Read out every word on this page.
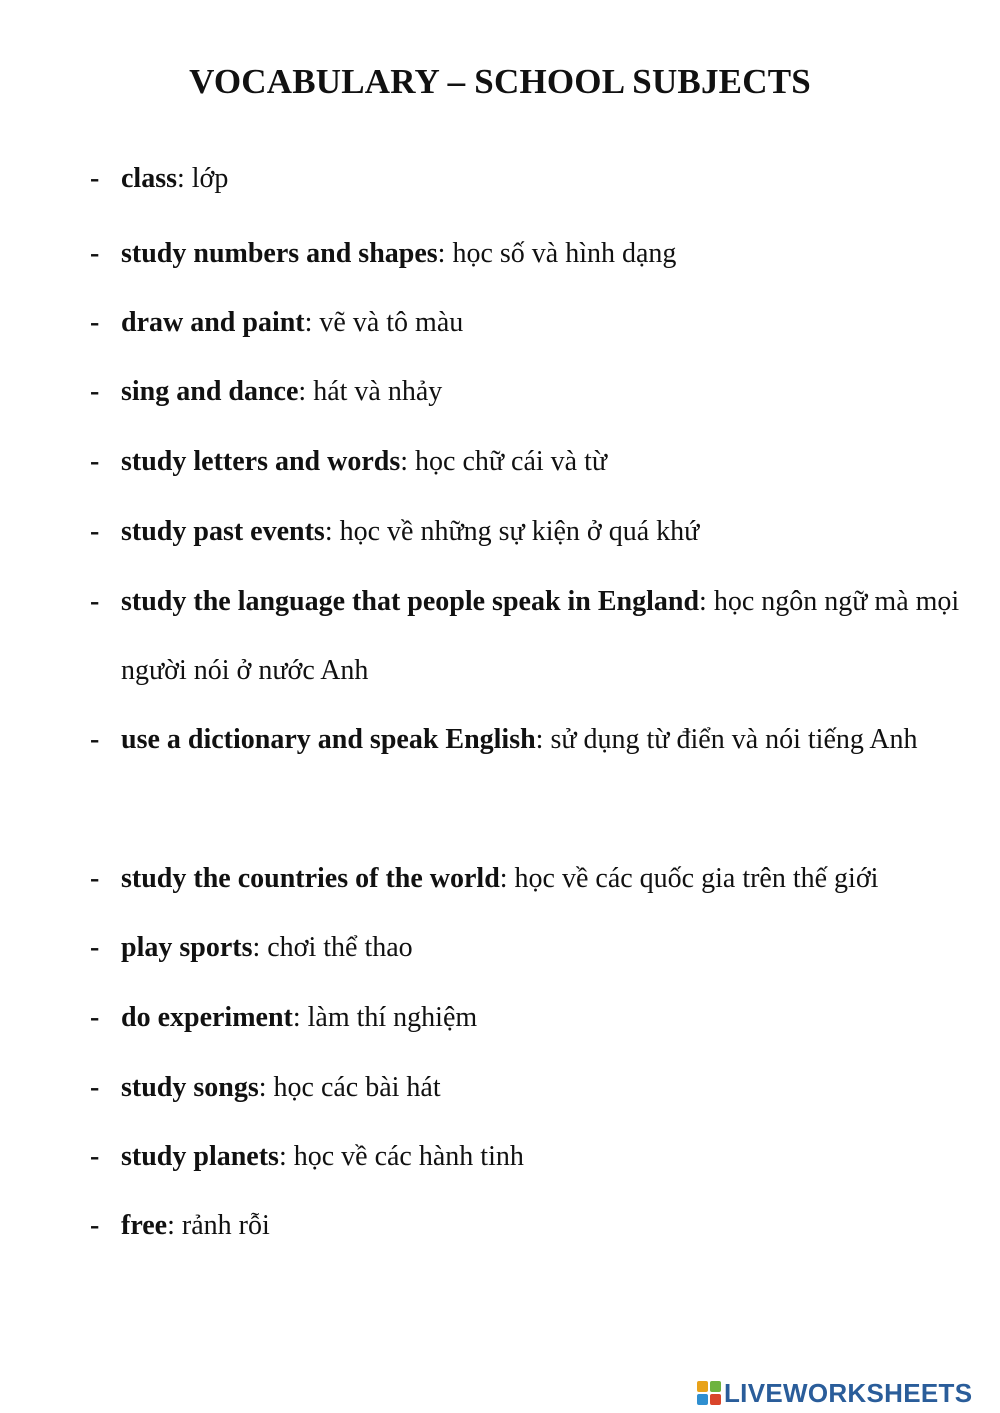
VOCABULARY – SCHOOL SUBJECTS
- class: lớp
- study numbers and shapes: học số và hình dạng
- draw and paint: vẽ và tô màu
- sing and dance: hát và nhảy
- study letters and words: học chữ cái và từ
- study past events: học về những sự kiện ở quá khứ
- study the language that people speak in England: học ngôn ngữ mà mọi người nói ở nước Anh
- use a dictionary and speak English: sử dụng từ điển và nói tiếng Anh
- study the countries of the world: học về các quốc gia trên thế giới
- play sports: chơi thể thao
- do experiment: làm thí nghiệm
- study songs: học các bài hát
- study planets: học về các hành tinh
- free: rảnh rỗi
LIVEWORKSHEETS
